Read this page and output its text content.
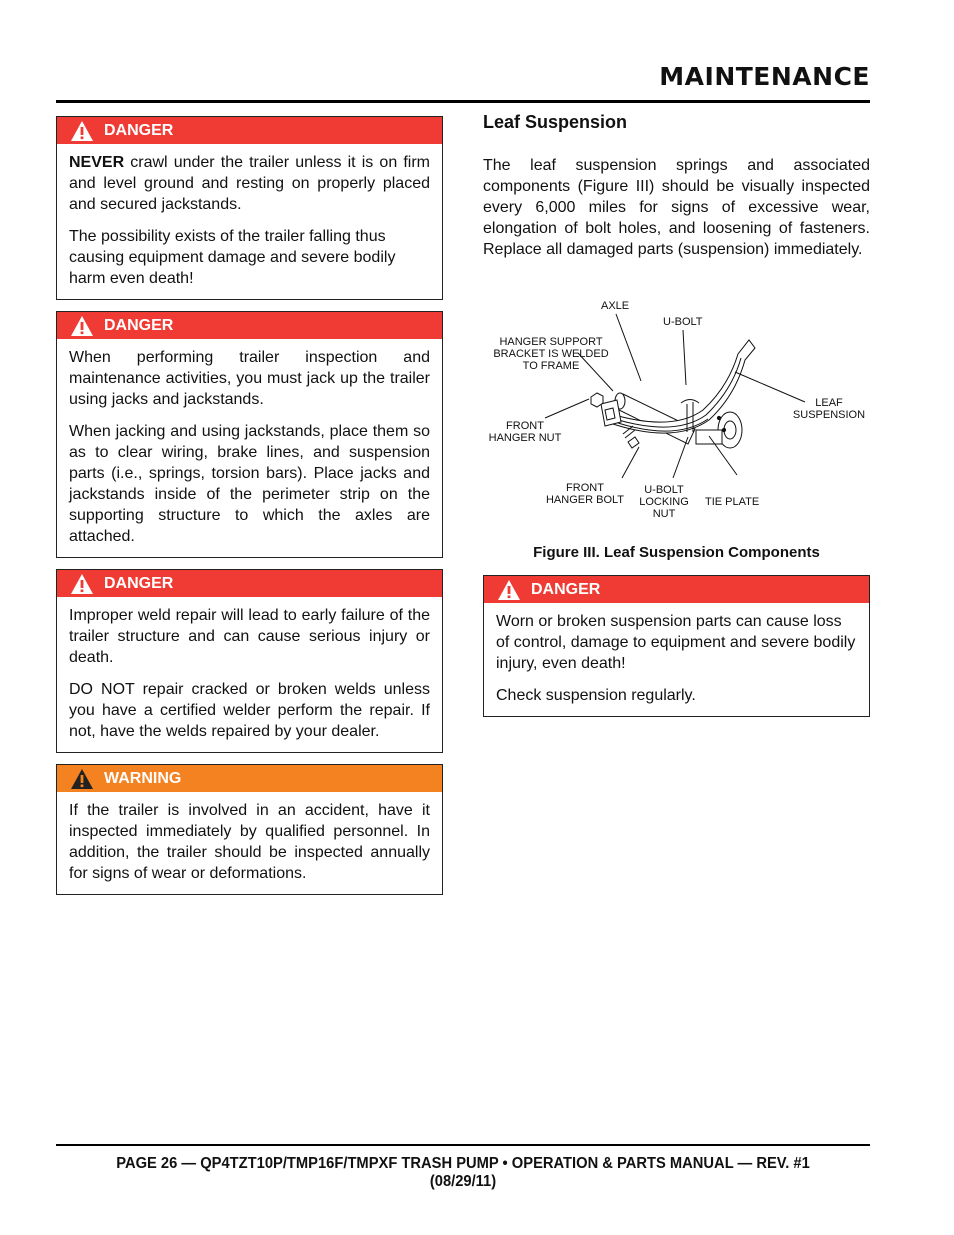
MAINTENANCE
DANGER

NEVER crawl under the trailer unless it is on firm and level ground and resting on properly placed and secured jackstands.

The possibility exists of the trailer falling thus causing equipment damage and severe bodily harm even death!

DANGER

When performing trailer inspection and maintenance activities, you must jack up the trailer using jacks and jackstands.

When jacking and using jackstands, place them so as to clear wiring, brake lines, and suspension parts (i.e., springs, torsion bars). Place jacks and jackstands inside of the perimeter strip on the supporting structure to which the axles are attached.

DANGER

Improper weld repair will lead to early failure of the trailer structure and can cause serious injury or death.

DO NOT repair cracked or broken welds unless you have a certified welder perform the repair. If not, have the welds repaired by your dealer.

WARNING

If the trailer is involved in an accident, have it inspected immediately by qualified personnel. In addition, the trailer should be inspected annually for signs of wear or deformations.

Leaf Suspension

The leaf suspension springs and associated components (Figure III) should be visually inspected every 6,000 miles for signs of excessive wear, elongation of bolt holes, and loosening of fasteners. Replace all damaged parts (suspension) immediately.

AXLE
U-BOLT
HANGER SUPPORT
BRACKET IS WELDED
TO FRAME
LEAF
SUSPENSION
FRONT
HANGER NUT
FRONT
HANGER BOLT
U-BOLT
LOCKING
NUT
TIE PLATE
Figure III. Leaf Suspension Components
DANGER

Worn or broken suspension parts can cause loss of control, damage to equipment and severe bodily injury, even death!

Check suspension regularly.

PAGE 26 — QP4TZT10P/TMP16F/TMPXF TRASH PUMP • OPERATION & PARTS MANUAL — REV. #1 (08/29/11)
